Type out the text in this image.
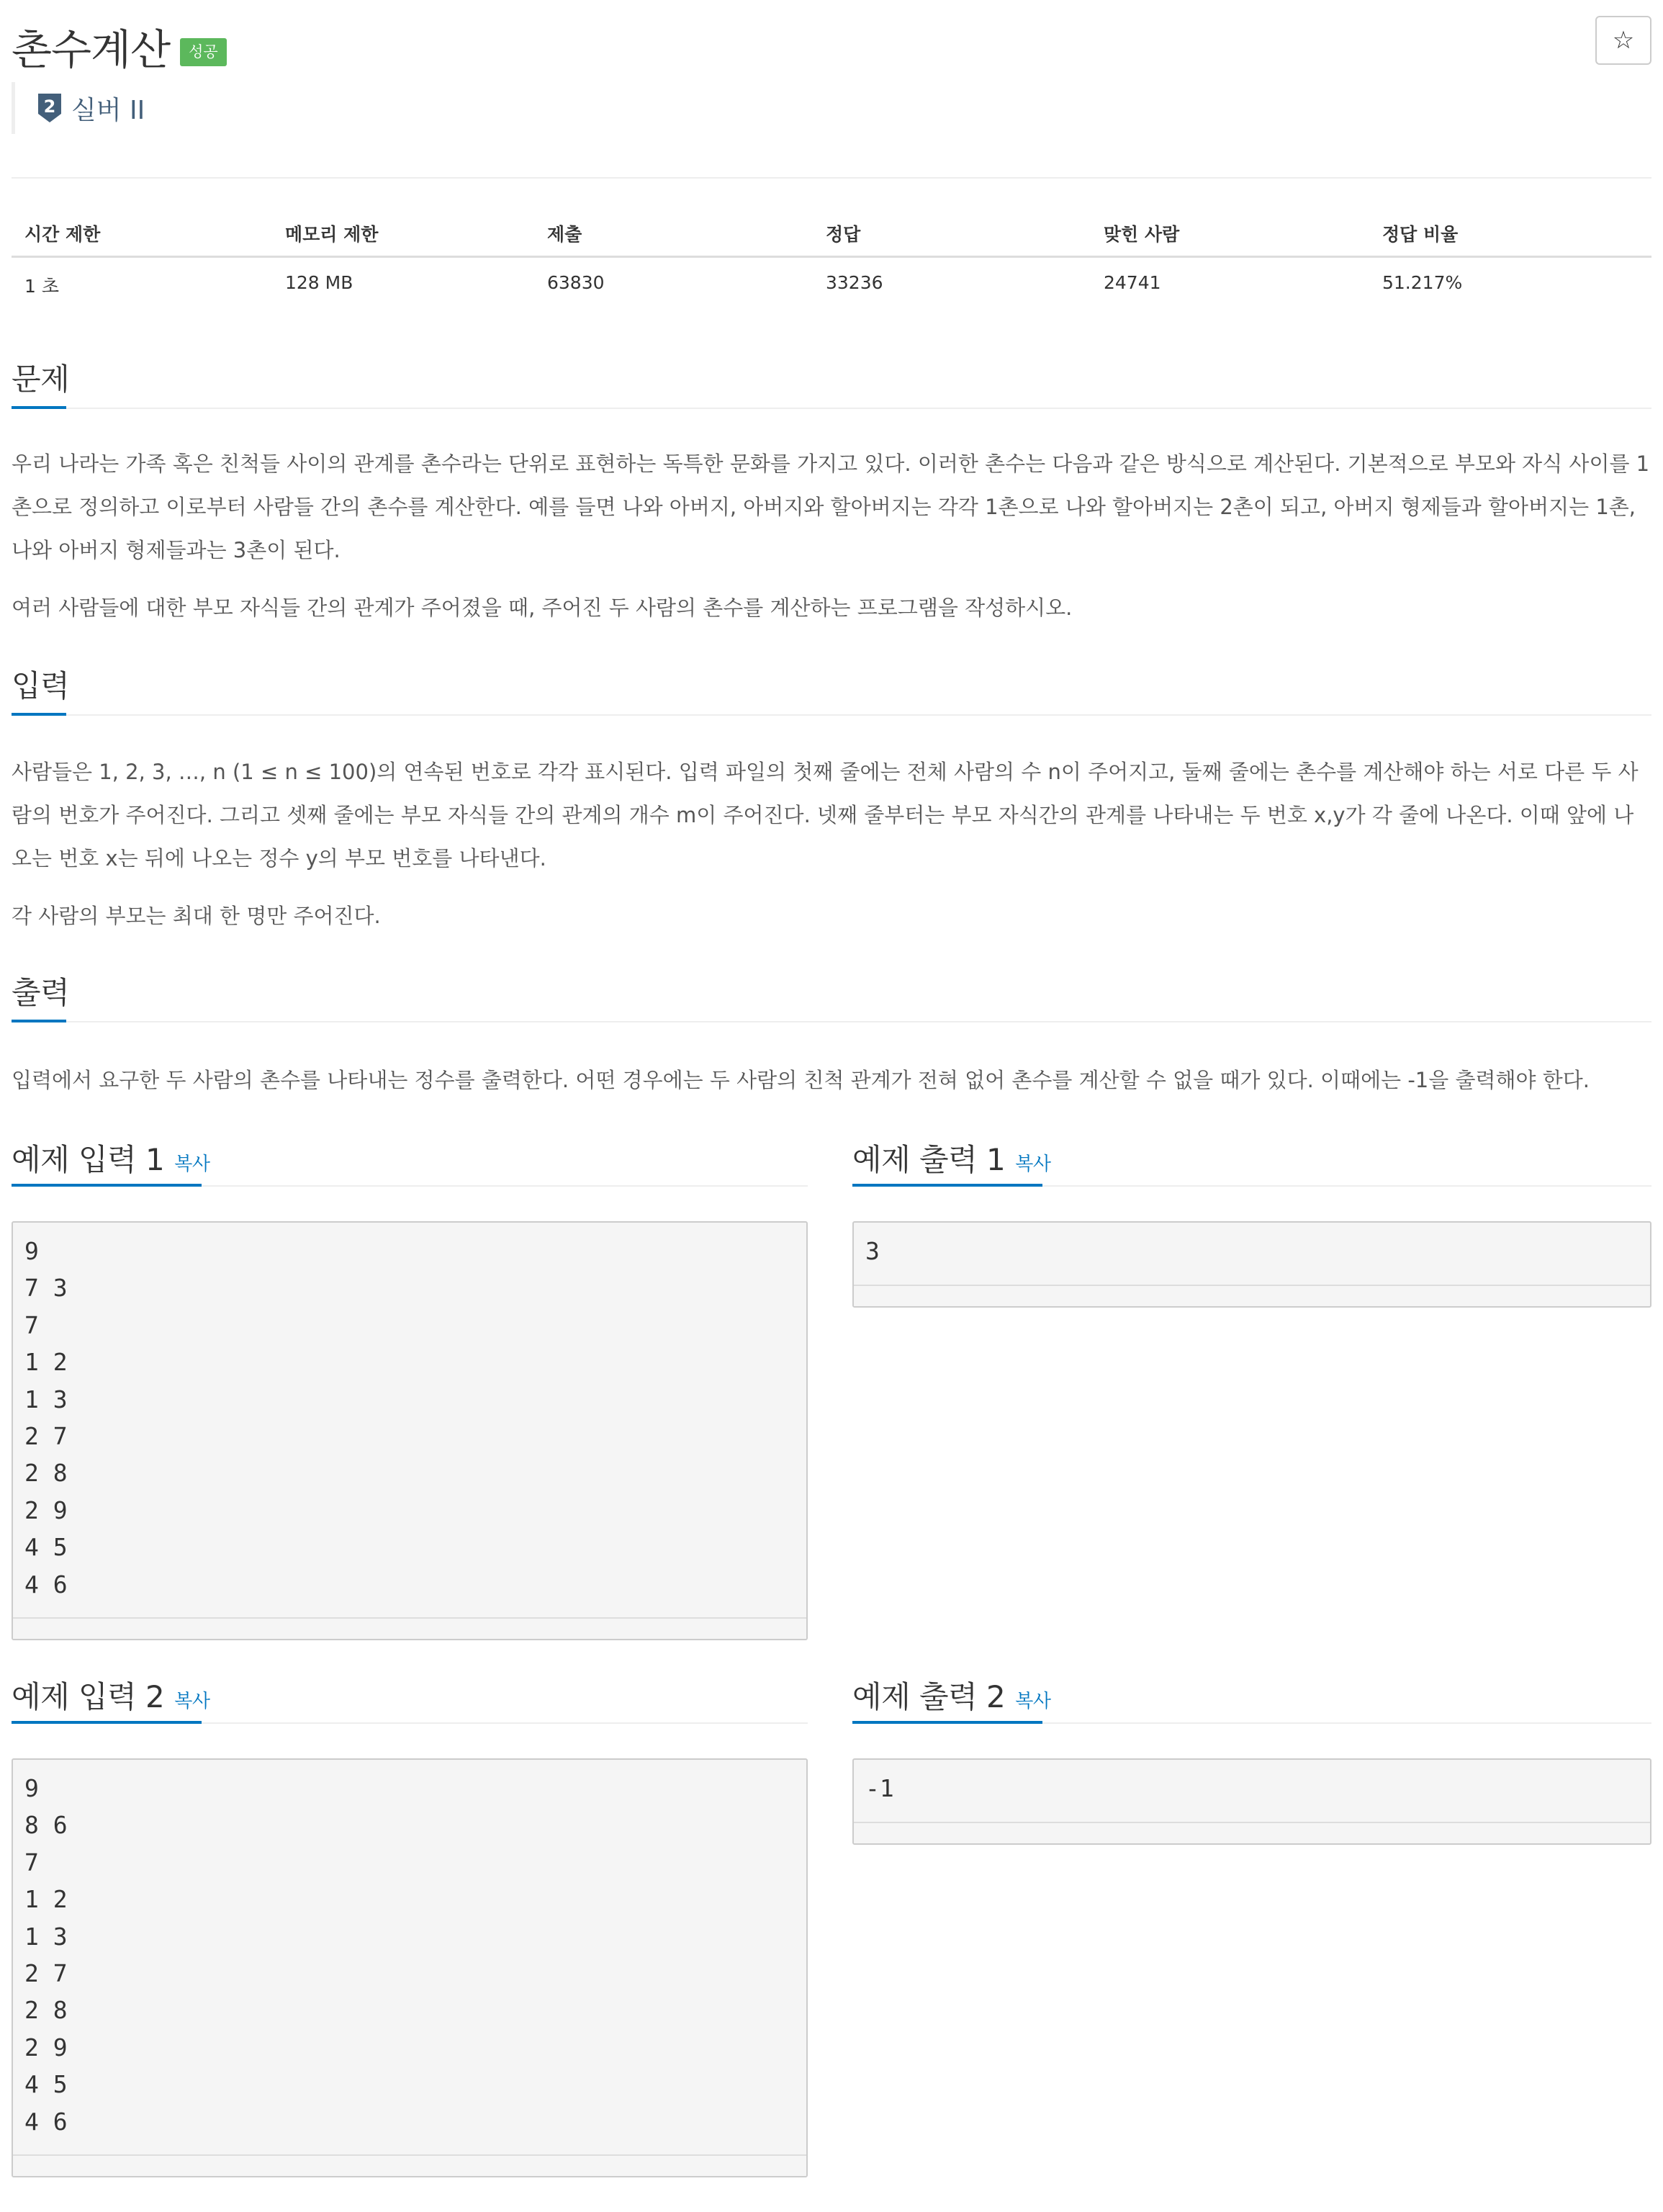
촌수계산	성공	☆
2 실버 II
시간 제한	메모리 제한	제출	정답	맞힌 사람	정답 비율
1 초	128 MB	63830	33236	24741	51.217%
문제

우리 나라는 가족 혹은 친척들 사이의 관계를 촌수라는 단위로 표현하는 독특한 문화를 가지고 있다. 이러한 촌수는 다음과 같은 방식으로 계산된다. 기본적으로 부모와 자식 사이를 1촌으로 정의하고 이로부터 사람들 간의 촌수를 계산한다. 예를 들면 나와 아버지, 아버지와 할아버지는 각각 1촌으로 나와 할아버지는 2촌이 되고, 아버지 형제들과 할아버지는 1촌, 나와 아버지 형제들과는 3촌이 된다.

여러 사람들에 대한 부모 자식들 간의 관계가 주어졌을 때, 주어진 두 사람의 촌수를 계산하는 프로그램을 작성하시오.

입력

사람들은 1, 2, 3, …, n (1 ≤ n ≤ 100)의 연속된 번호로 각각 표시된다. 입력 파일의 첫째 줄에는 전체 사람의 수 n이 주어지고, 둘째 줄에는 촌수를 계산해야 하는 서로 다른 두 사람의 번호가 주어진다. 그리고 셋째 줄에는 부모 자식들 간의 관계의 개수 m이 주어진다. 넷째 줄부터는 부모 자식간의 관계를 나타내는 두 번호 x,y가 각 줄에 나온다. 이때 앞에 나오는 번호 x는 뒤에 나오는 정수 y의 부모 번호를 나타낸다.

각 사람의 부모는 최대 한 명만 주어진다.

출력

입력에서 요구한 두 사람의 촌수를 나타내는 정수를 출력한다. 어떤 경우에는 두 사람의 친척 관계가 전혀 없어 촌수를 계산할 수 없을 때가 있다. 이때에는 -1을 출력해야 한다.

예제 입력 1 복사
9
7 3
7
1 2
1 3
2 7
2 8
2 9
4 5
4 6
예제 출력 1 복사
3
예제 입력 2 복사
9
8 6
7
1 2
1 3
2 7
2 8
2 9
4 5
4 6
예제 출력 2 복사
-1
